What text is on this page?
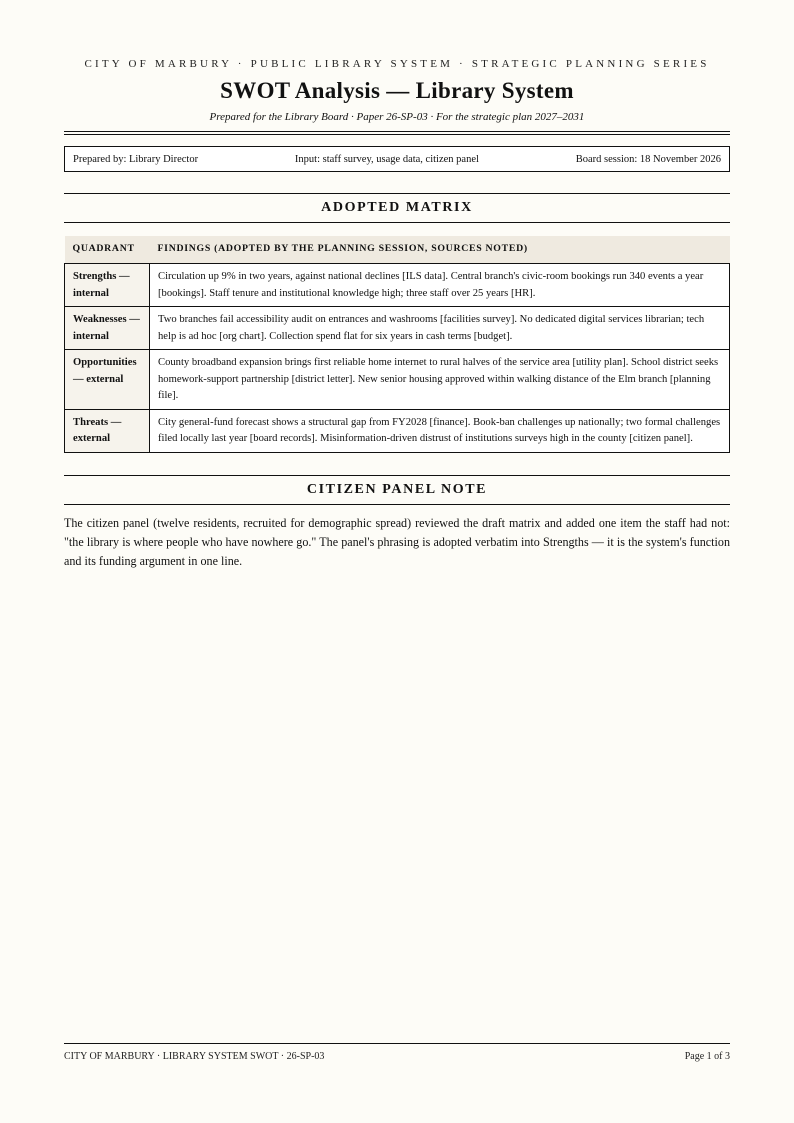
CITY OF MARBURY · PUBLIC LIBRARY SYSTEM · STRATEGIC PLANNING SERIES
SWOT Analysis — Library System
Prepared for the Library Board · Paper 26-SP-03 · For the strategic plan 2027–2031
Prepared by: Library Director	Input: staff survey, usage data, citizen panel	Board session: 18 November 2026
ADOPTED MATRIX
QUADRANT	FINDINGS (ADOPTED BY THE PLANNING SESSION, SOURCES NOTED)
Strengths — internal	Circulation up 9% in two years, against national declines [ILS data]. Central branch's civic-room bookings run 340 events a year [bookings]. Staff tenure and institutional knowledge high; three staff over 25 years [HR].
Weaknesses — internal	Two branches fail accessibility audit on entrances and washrooms [facilities survey]. No dedicated digital services librarian; tech help is ad hoc [org chart]. Collection spend flat for six years in cash terms [budget].
Opportunities — external	County broadband expansion brings first reliable home internet to rural halves of the service area [utility plan]. School district seeks homework-support partnership [district letter]. New senior housing approved within walking distance of the Elm branch [planning file].
Threats — external	City general-fund forecast shows a structural gap from FY2028 [finance]. Book-ban challenges up nationally; two formal challenges filed locally last year [board records]. Misinformation-driven distrust of institutions surveys high in the county [citizen panel].
CITIZEN PANEL NOTE

The citizen panel (twelve residents, recruited for demographic spread) reviewed the draft matrix and added one item the staff had not: "the library is where people who have nowhere go." The panel's phrasing is adopted verbatim into Strengths — it is the system's function and its funding argument in one line.

CITY OF MARBURY · LIBRARY SYSTEM SWOT · 26-SP-03	Page 1 of 3
